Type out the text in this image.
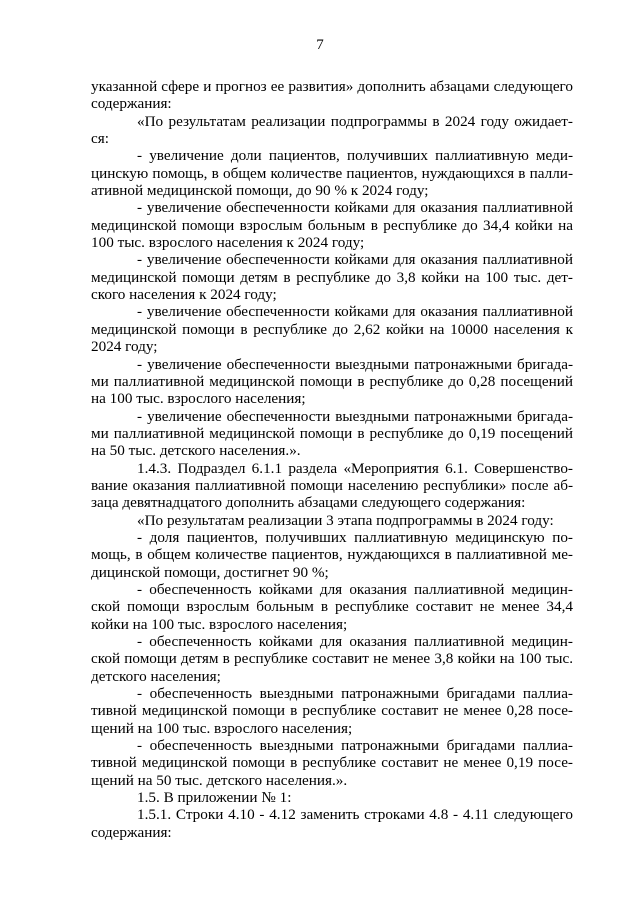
7

указанной сфере и прогноз ее развития» дополнить абзацами следующего содержания:

«По результатам реализации подпрограммы в 2024 году ожидает-ся:

- увеличение доли пациентов, получивших паллиативную меди-цинскую помощь, в общем количестве пациентов, нуждающихся в палли-ативной медицинской помощи, до 90 % к 2024 году;

- увеличение обеспеченности койками для оказания паллиативной медицинской помощи взрослым больным в республике до 34,4 койки на 100 тыс. взрослого населения к 2024 году;

- увеличение обеспеченности койками для оказания паллиативной медицинской помощи детям в республике до 3,8 койки на 100 тыс. дет-ского населения к 2024 году;

- увеличение обеспеченности койками для оказания паллиативной медицинской помощи в республике до 2,62 койки на 10000 населения к 2024 году;

- увеличение обеспеченности выездными патронажными бригада-ми паллиативной медицинской помощи в республике до 0,28 посещений на 100 тыс. взрослого населения;

- увеличение обеспеченности выездными патронажными бригада-ми паллиативной медицинской помощи в республике до 0,19 посещений на 50 тыс. детского населения.».

1.4.3. Подраздел 6.1.1 раздела «Мероприятия 6.1. Совершенство-вание оказания паллиативной помощи населению республики» после аб-заца девятнадцатого дополнить абзацами следующего содержания:

«По результатам реализации 3 этапа подпрограммы в 2024 году:

- доля пациентов, получивших паллиативную медицинскую по-мощь, в общем количестве пациентов, нуждающихся в паллиативной ме-дицинской помощи, достигнет 90 %;

- обеспеченность койками для оказания паллиативной медицин-ской помощи взрослым больным в республике составит не менее 34,4 койки на 100 тыс. взрослого населения;

- обеспеченность койками для оказания паллиативной медицин-ской помощи детям в республике составит не менее 3,8 койки на 100 тыс. детского населения;

- обеспеченность выездными патронажными бригадами паллиа-тивной медицинской помощи в республике составит не менее 0,28 посе-щений на 100 тыс. взрослого населения;

- обеспеченность выездными патронажными бригадами паллиа-тивной медицинской помощи в республике составит не менее 0,19 посе-щений на 50 тыс. детского населения.».

1.5. В приложении № 1:

1.5.1. Строки 4.10 - 4.12 заменить строками 4.8 - 4.11 следующего содержания:
